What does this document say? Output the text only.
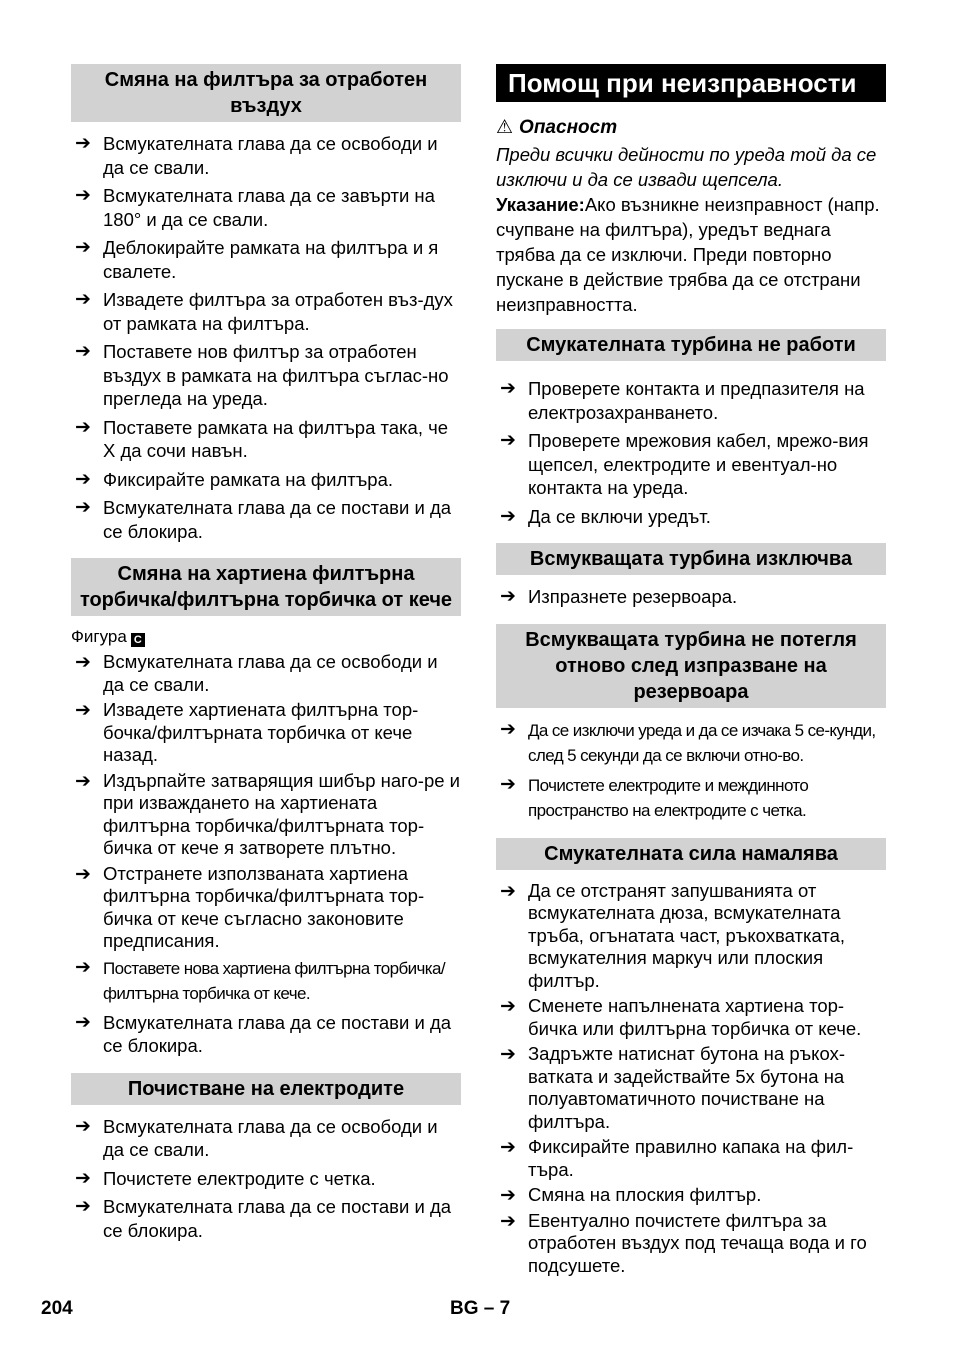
Смяна на филтъра за отработен въздух
➔ Всмукателната глава да се освободи и да се свали.
➔ Всмукателната глава да се завърти на 180° и да се свали.
➔ Деблокирайте рамката на филтъра и я свалете.
➔ Извадете филтъра за отработен въз-дух от рамката на филтъра.
➔ Поставете нов филтър за отработен въздух в рамката на филтъра съглас-но прегледа на уреда.
➔ Поставете рамката на филтъра така, че X да сочи навън.
➔ Фиксирайте рамката на филтъра.
➔ Всмукателната глава да се постави и да се блокира.
Смяна на хартиена филтърна торбичка/филтърна торбичка от кече
Фигура C
➔ Всмукателната глава да се освободи и да се свали.
➔ Извадете хартиената филтърна тор-бочка/филтърната торбичка от кече назад.
➔ Издърпайте затварящия шибър наго-ре и при изваждането на хартиената филтърна торбичка/филтърната тор-бичка от кече я затворете плътно.
➔ Отстранете използваната хартиена филтърна торбичка/филтърната тор-бичка от кече съгласно законовите предписания.
➔ Поставете нова хартиена филтърна торбичка/филтърна торбичка от кече.
➔ Всмукателната глава да се постави и да се блокира.
Почистване на електродите
➔ Всмукателната глава да се освободи и да се свали.
➔ Почистете електродите с четка.
➔ Всмукателната глава да се постави и да се блокира.
Помощ при неизправности
⚠ Опасност

Преди всички дейности по уреда той да се изключи и да се извади щепсела.

Указание:Ако възникне неизправност (напр. счупване на филтъра), уредът веднага трябва да се изключи. Преди повторно пускане в действие трябва да се отстрани неизправността.

Смукателната турбина не работи
➔ Проверете контакта и предпазителя на електрозахранването.
➔ Проверете мрежовия кабел, мрежо-вия щепсел, електродите и евентуал-но контакта на уреда.
➔ Да се включи уредът.
Всмукващата турбина изключва
➔ Изпразнете резервоара.
Всмукващата турбина не потегля отново след изпразване на резервоара
➔ Да се изключи уреда и да се изчака 5 се-кунди, след 5 секунди да се включи отно-во.
➔ Почистете електродите и междинното пространство на електродите с четка.
Смукателната сила намалява
➔ Да се отстранят запушванията от всмукателната дюза, всмукателната тръба, огънатата част, ръкохватката, всмукателния маркуч или плоския филтър.
➔ Сменете напълнената хартиена тор-бичка или филтърна торбичка от кече.
➔ Задръжте натиснат бутона на ръкох-ватката и задействайте 5x бутона на полуавтоматичното почистване на филтъра.
➔ Фиксирайте правилно капака на фил-търа.
➔ Смяна на плоския филтър.
➔ Евентуално почистете филтъра за отработен въздух под течаща вода и го подсушете.
204	BG – 7
